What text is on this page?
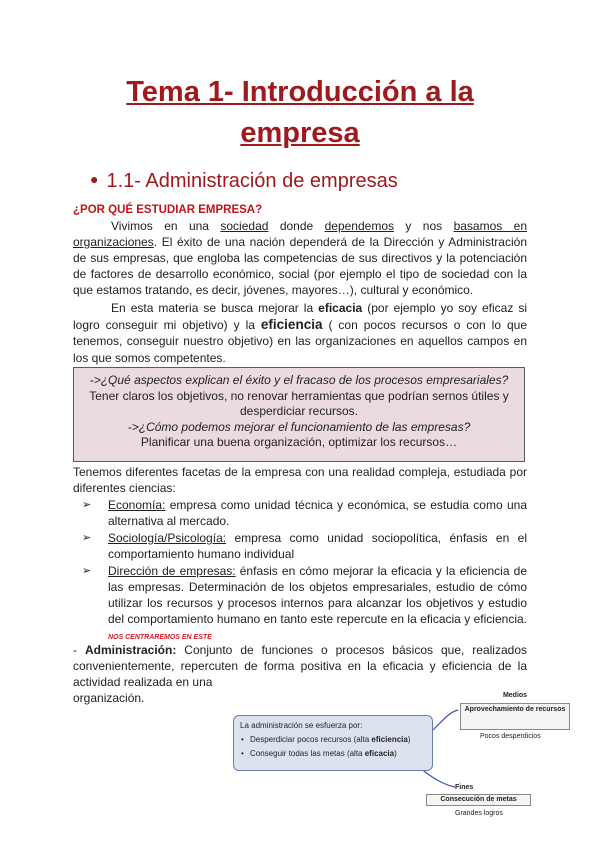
Tema 1- Introducción a la
empresa
● 1.1- Administración de empresas
¿POR QUÉ ESTUDIAR EMPRESA?

Vivimos en una sociedad donde dependemos y nos basamos en organizaciones. El éxito de una nación dependerá de la Dirección y Administración de sus empresas, que engloba las competencias de sus directivos y la potenciación de factores de desarrollo económico, social (por ejemplo el tipo de sociedad con la que estamos tratando, es decir, jóvenes, mayores…), cultural y económico.

En esta materia se busca mejorar la eficacia (por ejemplo yo soy eficaz si logro conseguir mi objetivo) y la eficiencia ( con pocos recursos o con lo que tenemos, conseguir nuestro objetivo) en las organizaciones en aquellos campos en los que somos competentes.

->¿Qué aspectos explican el éxito y el fracaso de los procesos empresariales?
Tener claros los objetivos, no renovar herramientas que podrían sernos útiles y desperdiciar recursos.
->¿Cómo podemos mejorar el funcionamiento de las empresas?
Planificar una buena organización, optimizar los recursos…
Tenemos diferentes facetas de la empresa con una realidad compleja, estudiada por diferentes ciencias:
➢ Economía: empresa como unidad técnica y económica, se estudia como una alternativa al mercado.
➢ Sociología/Psicología: empresa como unidad sociopolítica, énfasis en el comportamiento humano individual
➢ Dirección de empresas: énfasis en cómo mejorar la eficacia y la eficiencia de las empresas. Determinación de los objetos empresariales, estudio de cómo utilizar los recursos y procesos internos para alcanzar los objetivos y estudio del comportamiento humano en tanto este repercute en la eficacia y eficiencia. NOS CENTRAREMOS EN ESTE

- Administración: Conjunto de funciones o procesos básicos que, realizados convenientemente, repercuten de forma positiva en la eficacia y eficiencia de la actividad realizada en una

organización.
La administración se esfuerza por:
• Desperdiciar pocos recursos (alta eficiencia)
• Conseguir todas las metas (alta eficacia)
Medios
Aprovechamiento de recursos
Pocos desperdicios
Fines
Consecución de metas
Grandes logros
